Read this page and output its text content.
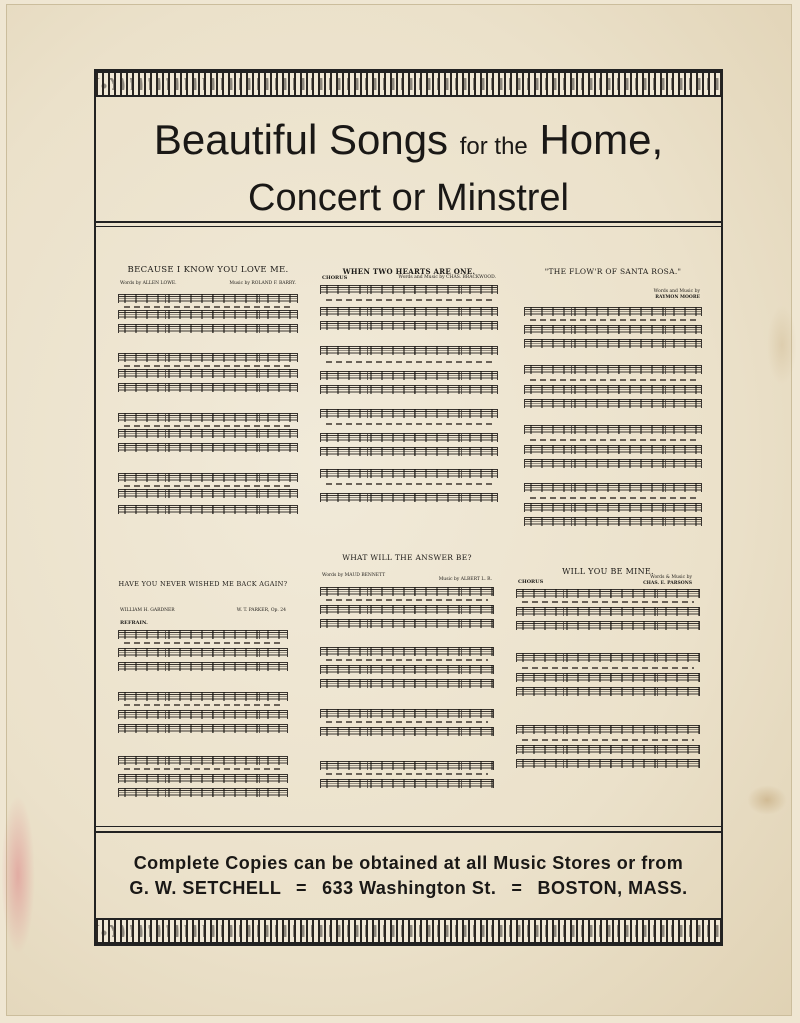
Beautiful Songs for the Home,
Concert or Minstrel
BECAUSE I KNOW YOU LOVE ME.
Words by ALLEN LOWE.	Music by ROLAND F. BARRY.
WHEN TWO HEARTS ARE ONE.
CHORUS	Words and Music by CHAS. BRACKWOOD.
"THE FLOW'R OF SANTA ROSA."
Words and Music by
RAYMON MOORE
HAVE YOU NEVER WISHED ME BACK AGAIN?
WILLIAM H. GARDNER	W. T. PARKER, Op. 24
REFRAIN.
WHAT WILL THE ANSWER BE?
Words by MAUD BENNETT
Music by ALBERT L. R.
WILL YOU BE MINE.
Words & Music by
CHAS. E. PARSONS
CHORUS
Complete Copies can be obtained at all Music Stores or from
G. W. SETCHELL = 633 Washington St. = BOSTON, MASS.
